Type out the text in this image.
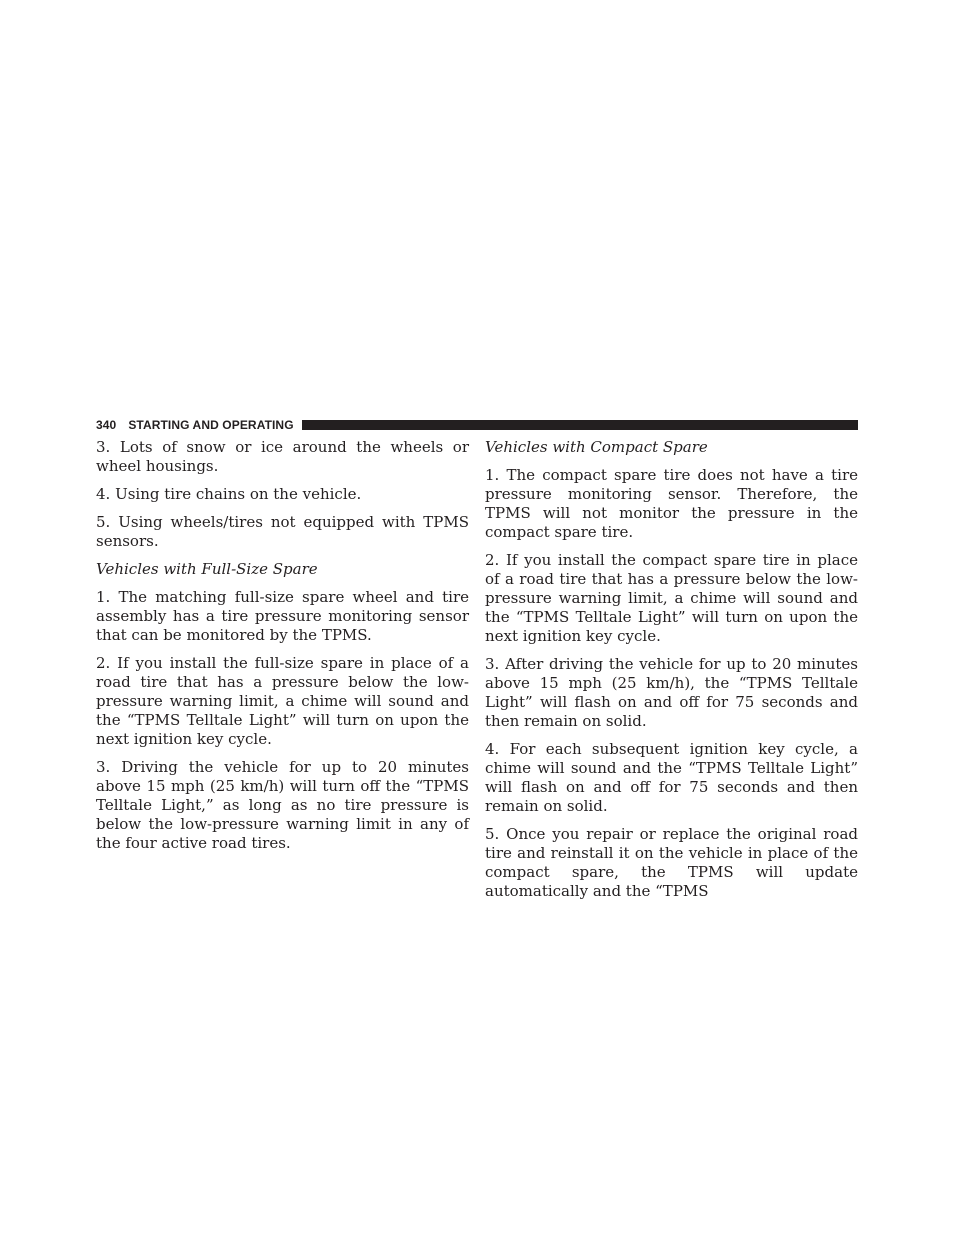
340 STARTING AND OPERATING

3. Lots of snow or ice around the wheels or wheel housings.

4. Using tire chains on the vehicle.

5. Using wheels/tires not equipped with TPMS sensors.

Vehicles with Full-Size Spare

1. The matching full-size spare wheel and tire assembly has a tire pressure monitoring sensor that can be monitored by the TPMS.

2. If you install the full-size spare in place of a road tire that has a pressure below the low-pressure warning limit, a chime will sound and the “TPMS Telltale Light” will turn on upon the next ignition key cycle.

3. Driving the vehicle for up to 20 minutes above 15 mph (25 km/h) will turn off the “TPMS Telltale Light,” as long as no tire pressure is below the low-pressure warning limit in any of the four active road tires.

Vehicles with Compact Spare

1. The compact spare tire does not have a tire pressure monitoring sensor. Therefore, the TPMS will not monitor the pressure in the compact spare tire.

2. If you install the compact spare tire in place of a road tire that has a pressure below the low-pressure warning limit, a chime will sound and the “TPMS Telltale Light” will turn on upon the next ignition key cycle.

3. After driving the vehicle for up to 20 minutes above 15 mph (25 km/h), the “TPMS Telltale Light” will flash on and off for 75 seconds and then remain on solid.

4. For each subsequent ignition key cycle, a chime will sound and the “TPMS Telltale Light” will flash on and off for 75 seconds and then remain on solid.

5. Once you repair or replace the original road tire and reinstall it on the vehicle in place of the compact spare, the TPMS will update automatically and the “TPMS
